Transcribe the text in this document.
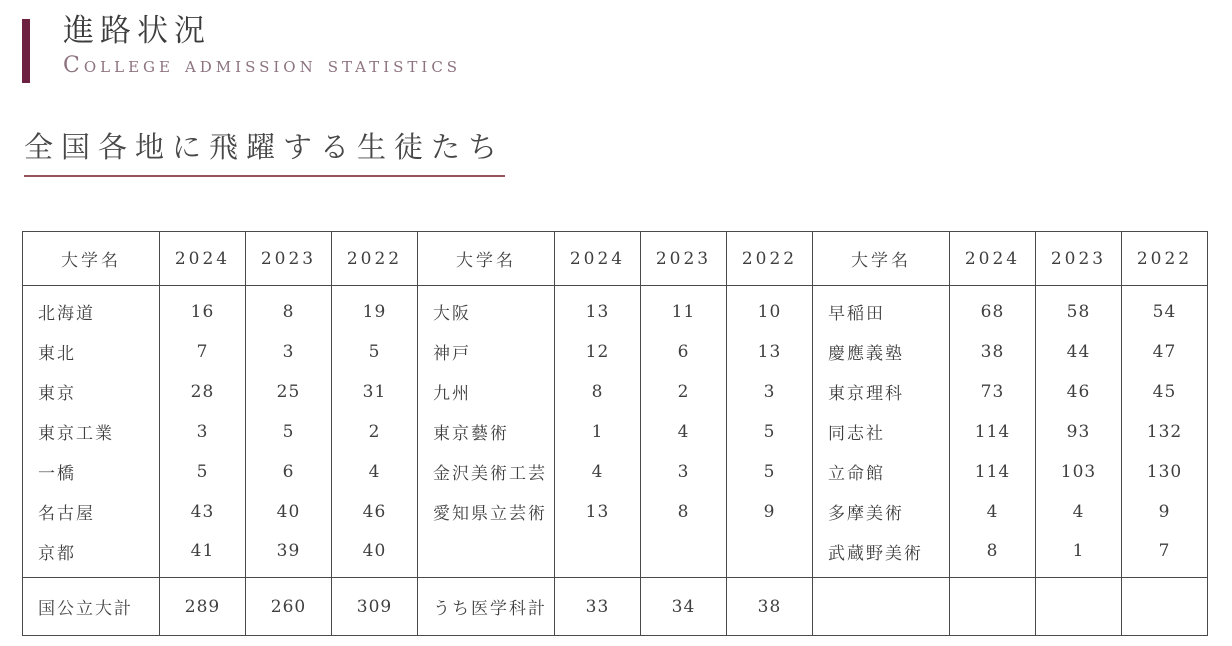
進路状況
College admission statistics
全国各地に飛躍する生徒たち
大学名	2024	2023	2022	大学名	2024	2023	2022	大学名	2024	2023	2022
北海道	16	8	19	大阪	13	11	10	早稲田	68	58	54
東北	7	3	5	神戸	12	6	13	慶應義塾	38	44	47
東京	28	25	31	九州	8	2	3	東京理科	73	46	45
東京工業	3	5	2	東京藝術	1	4	5	同志社	114	93	132
一橋	5	6	4	金沢美術工芸	4	3	5	立命館	114	103	130
名古屋	43	40	46	愛知県立芸術	13	8	9	多摩美術	4	4	9
京都	41	39	40					武蔵野美術	8	1	7
国公立大計	289	260	309	うち医学科計	33	34	38				
